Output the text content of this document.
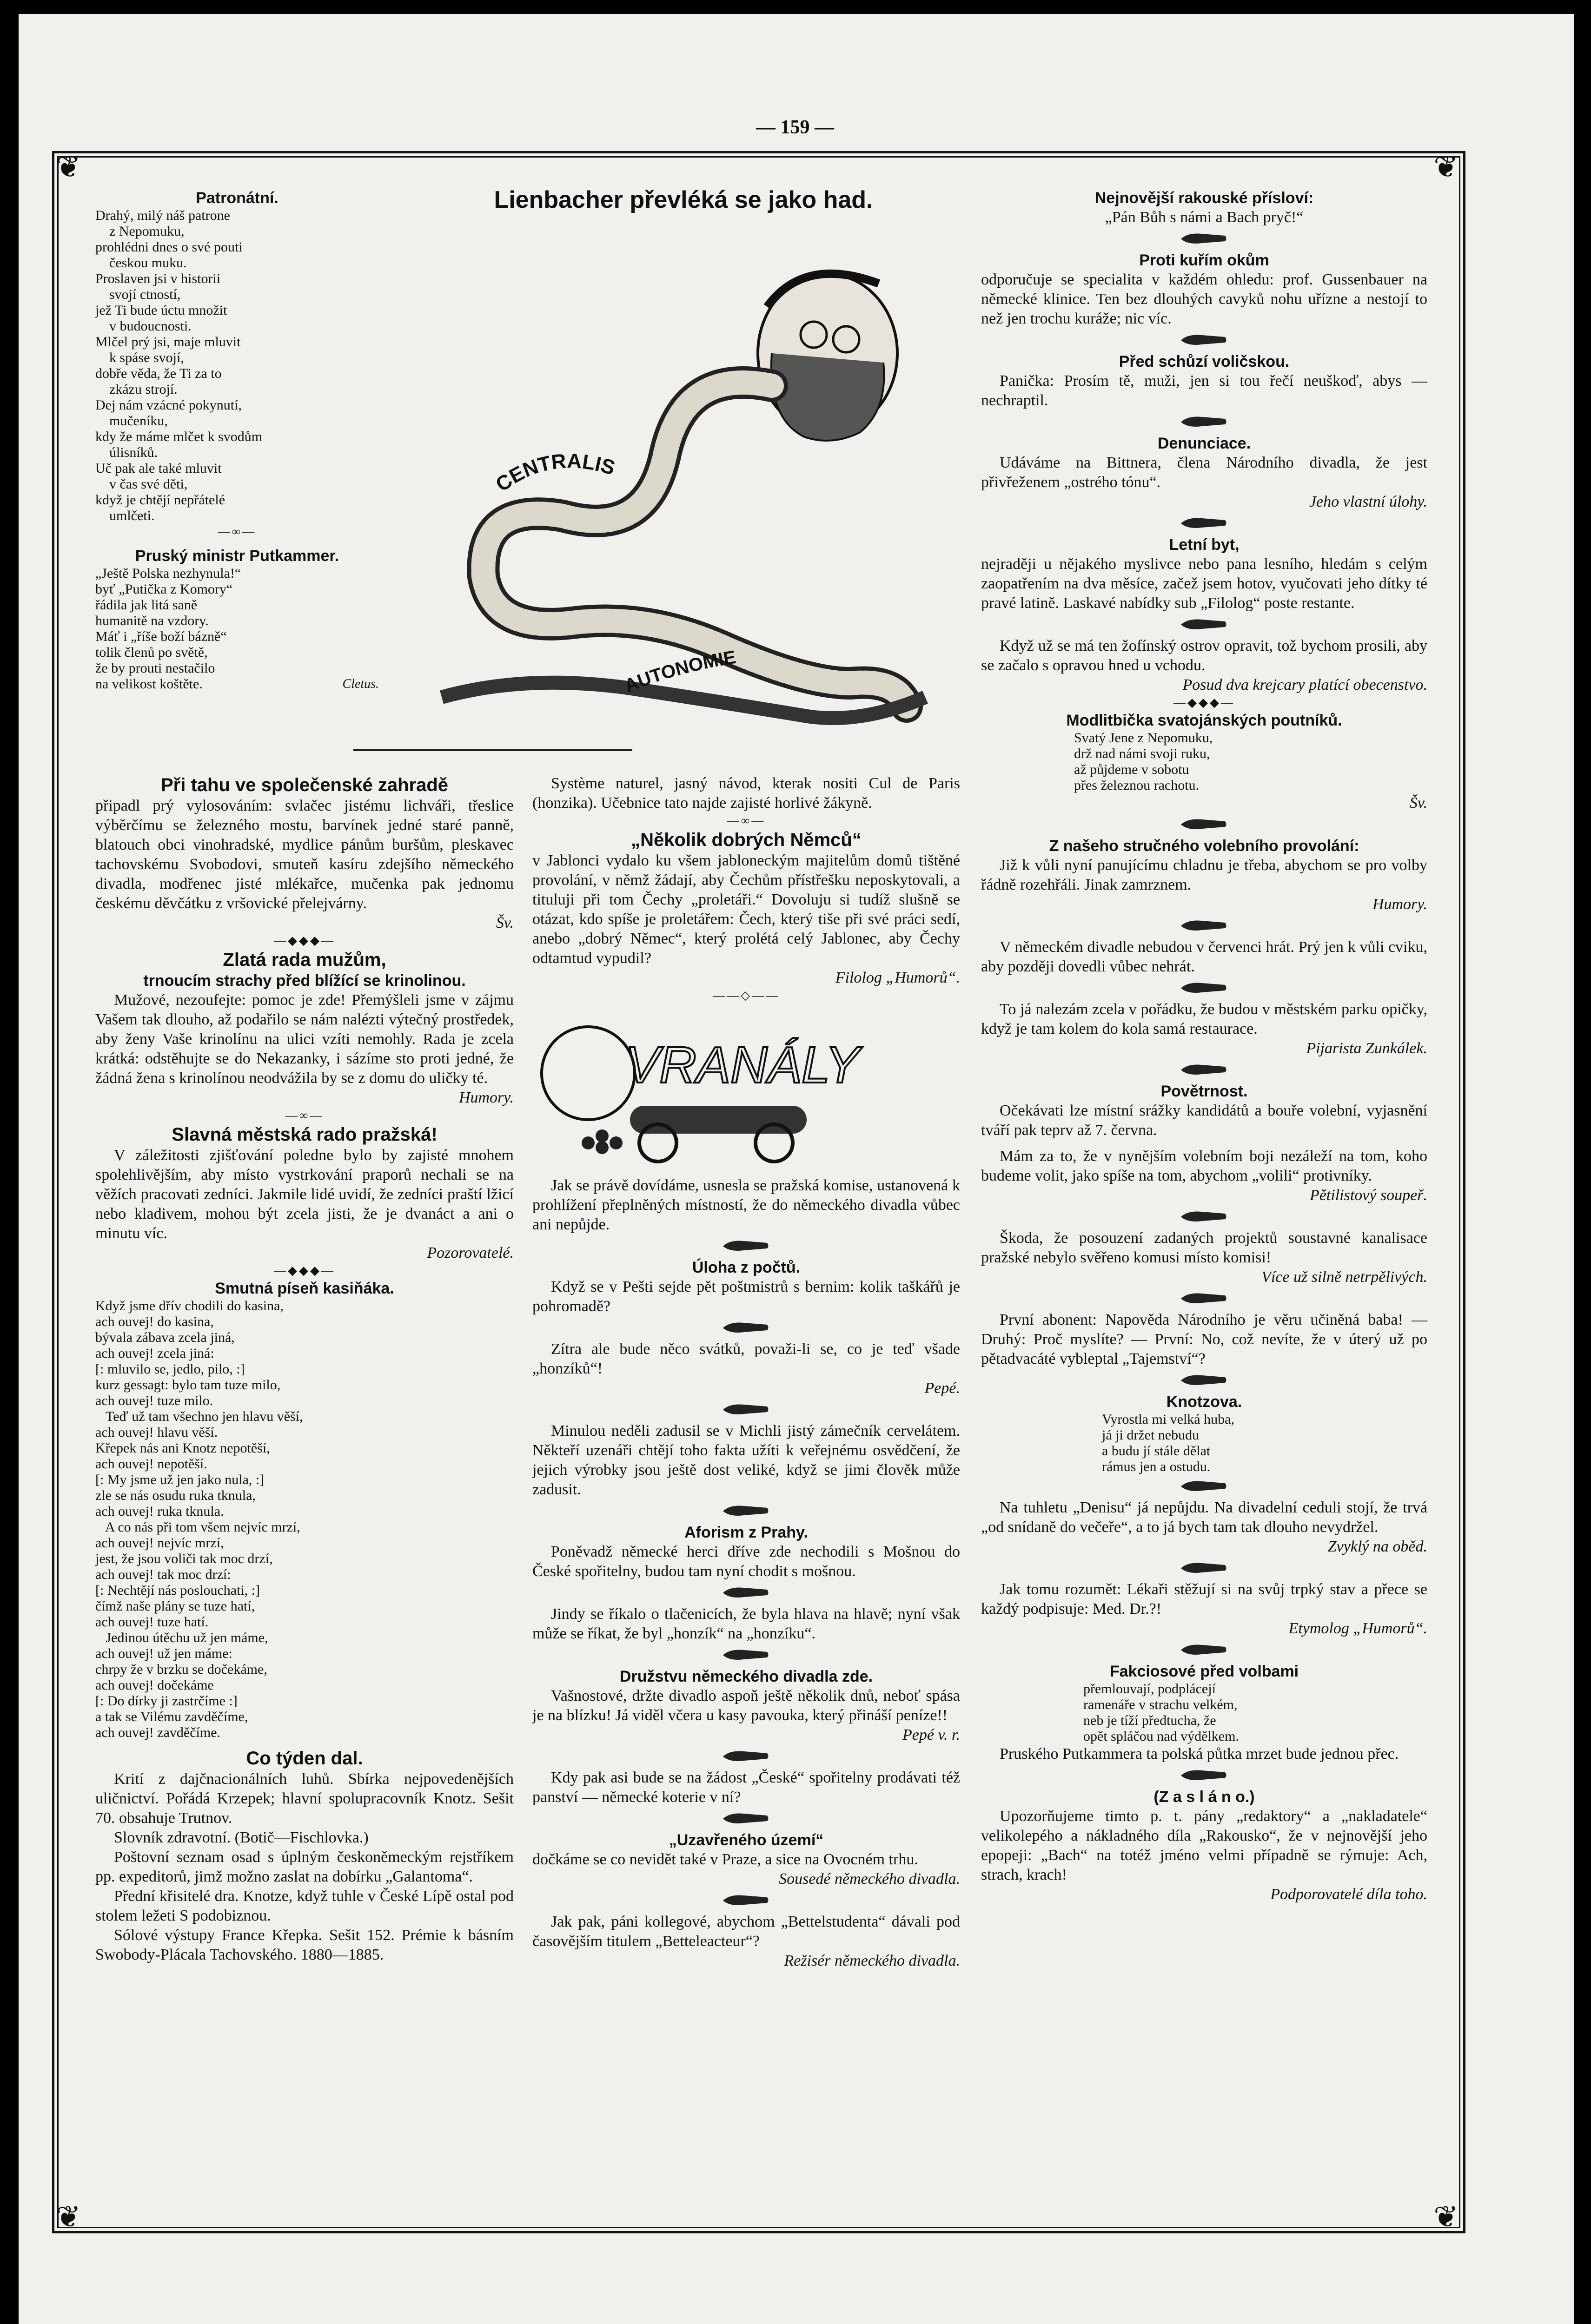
— 159 —
❦	❦
❦	❦
Patronátní.
Drahý, milý náš patrone
z Nepomuku,
prohlédni dnes o své pouti
českou muku.
Proslaven jsi v historii
svojí ctností,
jež Ti bude úctu množit
v budoucnosti.
Mlčel prý jsi, maje mluvit
k spáse svojí,
dobře věda, že Ti za to
zkázu strojí.
Dej nám vzácné pokynutí,
mučeníku,
kdy že máme mlčet k svodům
úlisníků.
Uč pak ale také mluvit
v čas své děti,
když je chtějí nepřátelé
umlčeti.
—∞—
Pruský ministr Putkammer.
„Ještě Polska nezhynula!“
byť „Putička z Komory“
řádila jak litá saně
humanitě na vzdory.
Máť i „říše boží bázně“
tolik členů po světě,
že by prouti nestačilo
na velikost koštěte.	Cletus.
Lienbacher převléká se jako had.
CENTRALIS
AUTONOMIE
Při tahu ve společenské zahradě

připadl prý vylosováním: svlačec jistému lichváři, třeslice výběrčímu se železného mostu, barvínek jedné staré panně, blatouch obci vinohradské, mydlice pánům buršům, pleskavec tachovskému Svobodovi, smuteň kasíru zdejšího německého divadla, modřenec jisté mlékařce, mučenka pak jednomu českému děvčátku z vršovické přelejvárny.

Šv.
—◆◆◆—
Zlatá rada mužům,
trnoucím strachy před blížící se krinolinou.

Mužové, nezoufejte: pomoc je zde! Přemýšleli jsme v zájmu Vašem tak dlouho, až podařilo se nám nalézti výtečný prostředek, aby ženy Vaše krinolínu na ulici vzíti nemohly. Rada je zcela krátká: odstěhujte se do Nekazanky, i sázíme sto proti jedné, že žádná žena s krinolínou neodvážila by se z domu do uličky té.

Humory.
—∞—
Slavná městská rado pražská!

V záležitosti zjišťování poledne bylo by zajisté mnohem spolehlivějším, aby místo vystrkování praporů nechali se na věžích pracovati zedníci. Jakmile lidé uvidí, že zedníci praští lžicí nebo kladivem, mohou být zcela jisti, že je dvanáct a ani o minutu víc.

Pozorovatelé.
—◆◆◆—
Smutná píseň kasiňáka.
Když jsme dřív chodili do kasina,
ach ouvej! do kasina,
bývala zábava zcela jiná,
ach ouvej! zcela jiná:
[: mluvilo se, jedlo, pilo, :]
kurz gessagt: bylo tam tuze milo,
ach ouvej! tuze milo.
Teď už tam všechno jen hlavu věší,
ach ouvej! hlavu věší.
Křepek nás ani Knotz nepotěší,
ach ouvej! nepotěší.
[: My jsme už jen jako nula, :]
zle se nás osudu ruka tknula,
ach ouvej! ruka tknula.
A co nás při tom všem nejvíc mrzí,
ach ouvej! nejvíc mrzí,
jest, že jsou voliči tak moc drzí,
ach ouvej! tak moc drzí:
[: Nechtějí nás poslouchati, :]
čímž naše plány se tuze hatí,
ach ouvej! tuze hatí.
Jedinou útěchu už jen máme,
ach ouvej! už jen máme:
chrpy že v brzku se dočekáme,
ach ouvej! dočekáme
[: Do dírky ji zastrčíme :]
a tak se Vilému zavděčíme,
ach ouvej! zavděčíme.
Co týden dal.

Krití z dajčnacionálních luhů. Sbírka nejpovedenějších uličnictví. Pořádá Krzepek; hlavní spolupracovník Knotz. Sešit 70. obsahuje Trutnov.

Slovník zdravotní. (Botič—Fischlovka.)

Poštovní seznam osad s úplným českoněmeckým rejstříkem pp. expeditorů, jimž možno zaslat na dobírku „Galantoma“.

Přední křisitelé dra. Knotze, když tuhle v České Lípě ostal pod stolem ležeti S podobiznou.

Sólové výstupy France Křepka. Sešit 152. Prémie k básním Swobody-Plácala Tachovského. 1880—1885.

Système naturel, jasný návod, kterak nositi Cul de Paris (honzika). Učebnice tato najde zajisté horlivé žákyně.

—∞—
„Několik dobrých Němců“

v Jablonci vydalo ku všem jabloneckým majitelům domů tištěné provolání, v němž žádají, aby Čechům přístřešku neposkytovali, a tituluji při tom Čechy „proletáři.“ Dovoluju si tudíž slušně se otázat, kdo spíše je proletářem: Čech, který tiše při své práci sedí, anebo „dobrý Němec“, který prolétá celý Jablonec, aby Čechy odtamtud vypudil?

Filolog „Humorů“.
——◇——
VRANÁLY

Jak se právě dovídáme, usnesla se pražská komise, ustanovená k prohlížení přeplněných místností, že do německého divadla vůbec ani nepůjde.

Úloha z počtů.

Když se v Pešti sejde pět poštmistrů s bernim: kolik taškářů je pohromadě?

Zítra ale bude něco svátků, považi-li se, co je teď všade „honzíků“!

Pepé.

Minulou neděli zadusil se v Michli jistý zámečník cervelátem. Někteří uzenáři chtějí toho fakta užíti k veřejnému osvědčení, že jejich výrobky jsou ještě dost veliké, když se jimi člověk může zadusit.

Aforism z Prahy.

Poněvadž německé herci dříve zde nechodili s Mošnou do České spořitelny, budou tam nyní chodit s mošnou.

Jindy se říkalo o tlačenicích, že byla hlava na hlavě; nyní však může se říkat, že byl „honzík“ na „honzíku“.

Družstvu německého divadla zde.

Vašnostové, držte divadlo aspoň ještě několik dnů, neboť spása je na blízku! Já viděl včera u kasy pavouka, který přináší peníze!!

Pepé v. r.

Kdy pak asi bude se na žádost „České“ spořitelny prodávati též panství — německé koterie v ní?

„Uzavřeného území“

dočkáme se co nevidět také v Praze, a sice na Ovocném trhu.

Sousedé německého divadla.

Jak pak, páni kollegové, abychom „Bettelstudenta“ dávali pod časovějším titulem „Betteleacteur“?

Režisér německého divadla.
Nejnovější rakouské přísloví:

„Pán Bůh s námi a Bach pryč!“

Proti kuřím okům

odporučuje se specialita v každém ohledu: prof. Gussenbauer na německé klinice. Ten bez dlouhých cavyků nohu uřízne a nestojí to než jen trochu kuráže; nic víc.

Před schůzí voličskou.

Panička: Prosím tě, muži, jen si tou řečí neuškoď, abys — nechraptil.

Denunciace.

Udáváme na Bittnera, člena Národního divadla, že jest přivřeženem „ostrého tónu“.

Jeho vlastní úlohy.
Letní byt,

nejraději u nějakého myslivce nebo pana lesního, hledám s celým zaopatřením na dva měsíce, začež jsem hotov, vyučovati jeho dítky té pravé latině. Laskavé nabídky sub „Filolog“ poste restante.

Když už se má ten žofínský ostrov opravit, tož bychom prosili, aby se začalo s opravou hned u vchodu.

Posud dva krejcary platící obecenstvo.
—◆◆◆—
Modlitbička svatojánských poutníků.
Svatý Jene z Nepomuku,
drž nad námi svoji ruku,
až půjdeme v sobotu
přes železnou rachotu.
Šv.
Z našeho stručného volebního provolání:

Již k vůli nyní panujícímu chladnu je třeba, abychom se pro volby řádně rozehřáli. Jinak zamrznem.

Humory.

V německém divadle nebudou v červenci hrát. Prý jen k vůli cviku, aby později dovedli vůbec nehrát.

To já nalezám zcela v pořádku, že budou v městském parku opičky, když je tam kolem do kola samá restaurace.

Pijarista Zunkálek.
Povětrnost.

Očekávati lze místní srážky kandidátů a bouře volební, vyjasnění tváří pak teprv až 7. června.

Mám za to, že v nynějším volebním boji nezáleží na tom, koho budeme volit, jako spíše na tom, abychom „volili“ protivníky.

Pětilistový soupeř.

Škoda, že posouzení zadaných projektů soustavné kanalisace pražské nebylo svěřeno komusi místo komisi!

Více už silně netrpělivých.

První abonent: Napověda Národního je věru učiněná baba! — Druhý: Proč myslíte? — První: No, což nevíte, že v úterý už po pětadvacáté vybleptal „Tajemství“?

Knotzova.
Vyrostla mi velká huba,
já ji držet nebudu
a budu jí stále dělat
rámus jen a ostudu.

Na tuhletu „Denisu“ já nepůjdu. Na divadelní ceduli stojí, že trvá „od snídaně do večeře“, a to já bych tam tak dlouho nevydržel.

Zvyklý na oběd.

Jak tomu rozumět: Lékaři stěžují si na svůj trpký stav a přece se každý podpisuje: Med. Dr.?!

Etymolog „Humorů“.
Fakciosové před volbami
přemlouvají, podplácejí
ramenáře v strachu velkém,
neb je tíží předtucha, že
opět spláčou nad výdělkem.

Pruského Putkammera ta polská půtka mrzet bude jednou přec.

(Z a s l á n o.)

Upozorňujeme timto p. t. pány „redaktory“ a „nakladatele“ velikolepého a nákladného díla „Rakousko“, že v nejnovější jeho epopeji: „Bach“ na totéž jméno velmi případně se rýmuje: Ach, strach, krach!

Podporovatelé díla toho.
